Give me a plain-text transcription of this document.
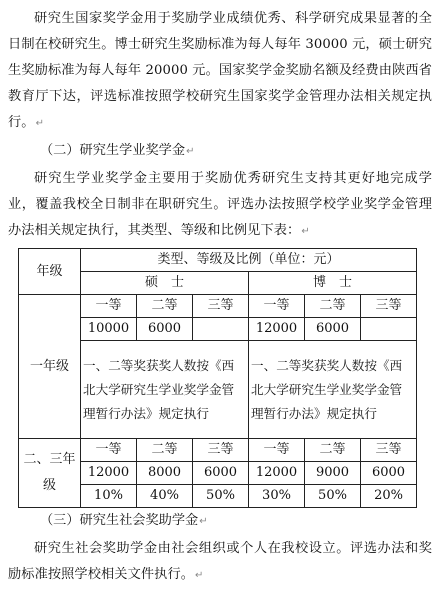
研究生国家奖学金用于奖励学业成绩优秀、科学研究成果显著的全日制在校研究生。博士研究生奖励标准为每人每年 30000 元，硕士研究生奖励标准为每人每年 20000 元。国家奖学金奖励名额及经费由陕西省教育厅下达，评选标准按照学校研究生国家奖学金管理办法相关规定执行。↵
（二）研究生学业奖学金↵
研究生学业奖学金主要用于奖励优秀研究生支持其更好地完成学业，覆盖我校全日制非在职研究生。评选办法按照学校学业奖学金管理办法相关规定执行，其类型、等级和比例见下表：↵
年级	类型、等级及比例（单位：元）					
	硕　士			博　士		
一年级	一等	二等	三等	一等	二等	三等
	10000	6000		12000	6000	
	一、二等奖获奖人数按《西北大学研究生学业奖学金管理暂行办法》规定执行			一、二等奖获奖人数按《西北大学研究生学业奖学金管理暂行办法》规定执行		
二、三年级	一等	二等	三等	一等	二等	三等
	12000	8000	6000	12000	9000	6000
	10%	40%	50%	30%	50%	20%
（三）研究生社会奖助学金↵
研究生社会奖助学金由社会组织或个人在我校设立。评选办法和奖励标准按照学校相关文件执行。↵
